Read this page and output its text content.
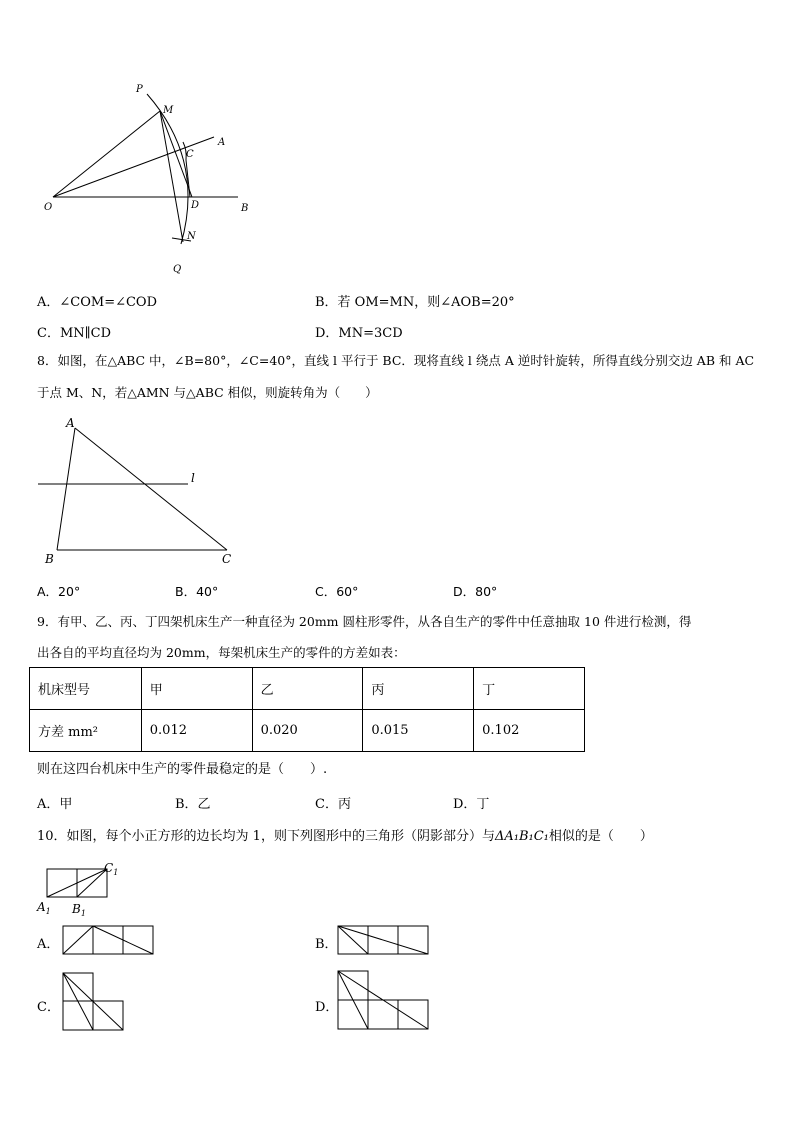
P
M
A
C
O	D	B
N
Q
A．∠COM=∠COD	B．若 OM=MN，则∠AOB=20°
C．MN∥CD	D．MN=3CD
8．如图，在△ABC 中，∠B=80°，∠C=40°，直线 l 平行于 BC．现将直线 l 绕点 A 逆时针旋转，所得直线分别交边 AB 和 AC
于点 M、N，若△AMN 与△ABC 相似，则旋转角为（　　）
A
l
B	C
A．20°	B．40°	C．60°	D．80°
9．有甲、乙、丙、丁四架机床生产一种直径为 20mm 圆柱形零件，从各自生产的零件中任意抽取 10 件进行检测，得
出各自的平均直径均为 20mm，每架机床生产的零件的方差如表：
机床型号	甲	乙	丙	丁
方差 mm²	0.012	0.020	0.015	0.102
则在这四台机床中生产的零件最稳定的是（　　）.
A．甲	B．乙	C．丙	D．丁
10．如图，每个小正方形的边长均为 1，则下列图形中的三角形（阴影部分）与ΔA₁B₁C₁相似的是（　　）
$C_1$
$A_1$ $B_1$
A．	B．
C．	D．
